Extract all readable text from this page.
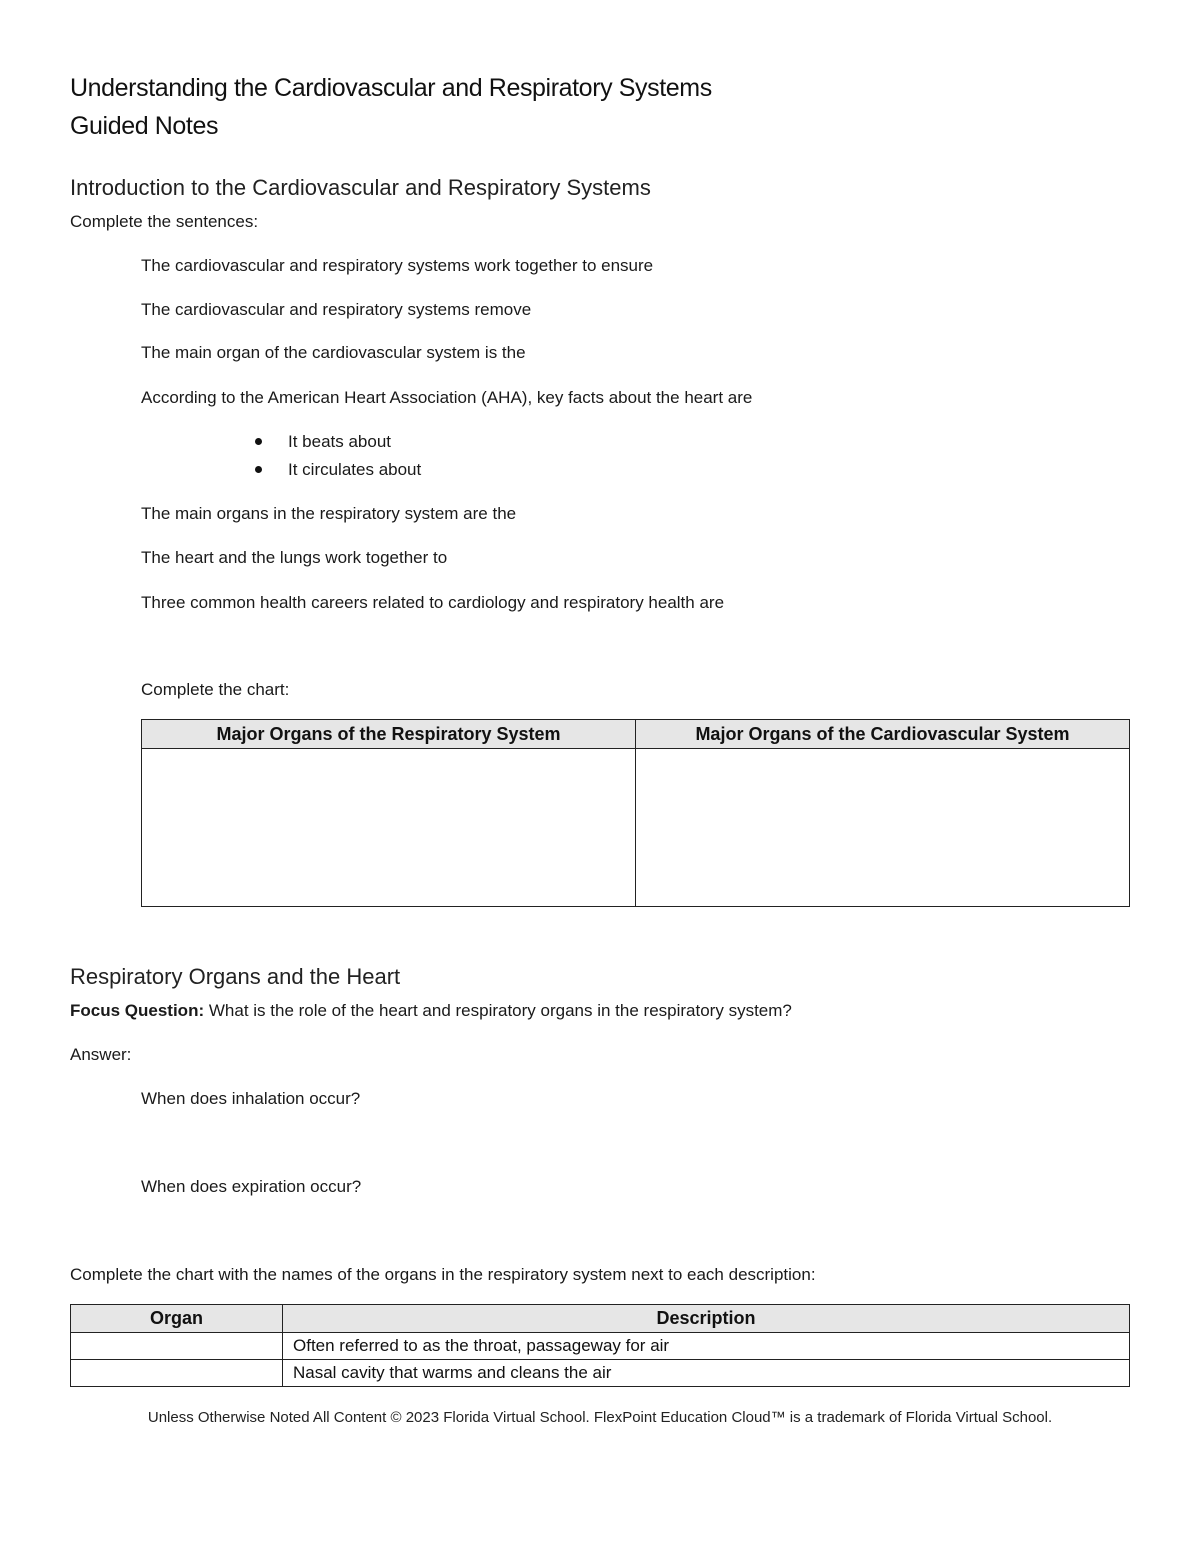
Understanding the Cardiovascular and Respiratory Systems
Guided Notes
Introduction to the Cardiovascular and Respiratory Systems
Complete the sentences:
The cardiovascular and respiratory systems work together to ensure
The cardiovascular and respiratory systems remove
The main organ of the cardiovascular system is the
According to the American Heart Association (AHA), key facts about the heart are
It beats about
It circulates about
The main organs in the respiratory system are the
The heart and the lungs work together to
Three common health careers related to cardiology and respiratory health are
Complete the chart:
Major Organs of the Respiratory System	Major Organs of the Cardiovascular System

Respiratory Organs and the Heart
Focus Question: What is the role of the heart and respiratory organs in the respiratory system?
Answer:
When does inhalation occur?
When does expiration occur?
Complete the chart with the names of the organs in the respiratory system next to each description:
Organ	Description
	Often referred to as the throat, passageway for air
	Nasal cavity that warms and cleans the air
Unless Otherwise Noted All Content © 2023 Florida Virtual School. FlexPoint Education Cloud™ is a trademark of Florida Virtual School.
